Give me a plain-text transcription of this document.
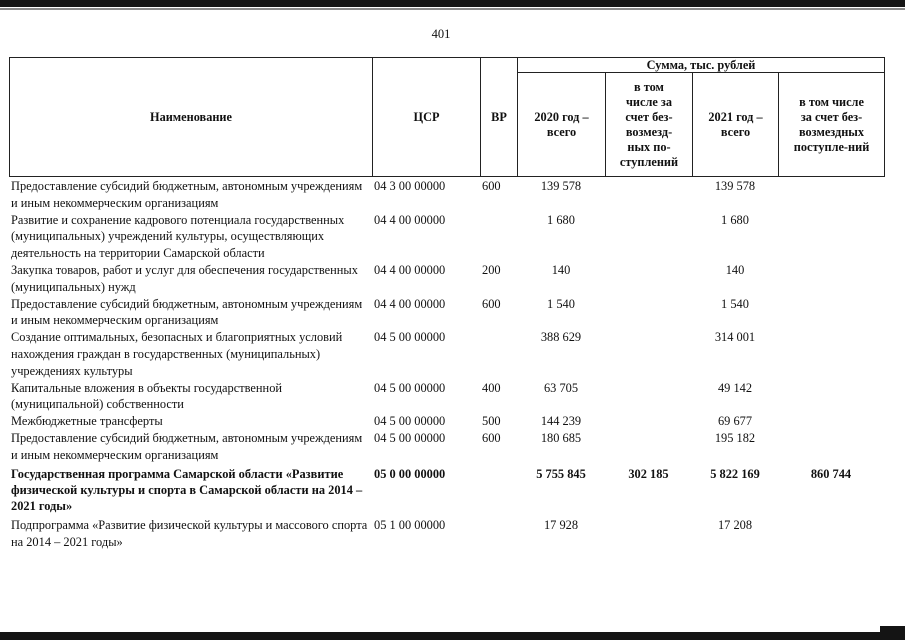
401
Наименование	ЦСР	ВР	Сумма, тыс. рублей			
			2020 год – всего	в том числе за счет без-возмезд-ных по-ступлений	2021 год – всего	в том числе за счет без-возмездных поступле-ний
Предоставление субсидий бюджетным, автономным учреждениям и иным некоммерческим организациям	04 3 00 00000	600	139 578		139 578	
Развитие и сохранение кадрового потенциала государственных (муниципальных) учреждений культуры, осуществляющих деятельность на территории Самарской области	04 4 00 00000		1 680		1 680	
Закупка товаров, работ и услуг для обеспечения государственных (муниципальных) нужд	04 4 00 00000	200	140		140	
Предоставление субсидий бюджетным, автономным учреждениям и иным некоммерческим организациям	04 4 00 00000	600	1 540		1 540	
Создание оптимальных, безопасных и благоприятных условий нахождения граждан в государственных (муниципальных) учреждениях культуры	04 5 00 00000		388 629		314 001	
Капитальные вложения в объекты государственной (муниципальной) собственности	04 5 00 00000	400	63 705		49 142	
Межбюджетные трансферты	04 5 00 00000	500	144 239		69 677	
Предоставление субсидий бюджетным, автономным учреждениям и иным некоммерческим организациям	04 5 00 00000	600	180 685		195 182	
Государственная программа Самарской области «Развитие физической культуры и спорта в Самарской области на 2014 – 2021 годы»	05 0 00 00000		5 755 845	302 185	5 822 169	860 744
Подпрограмма «Развитие физической культуры и массового спорта на 2014 – 2021 годы»	05 1 00 00000		17 928		17 208	
